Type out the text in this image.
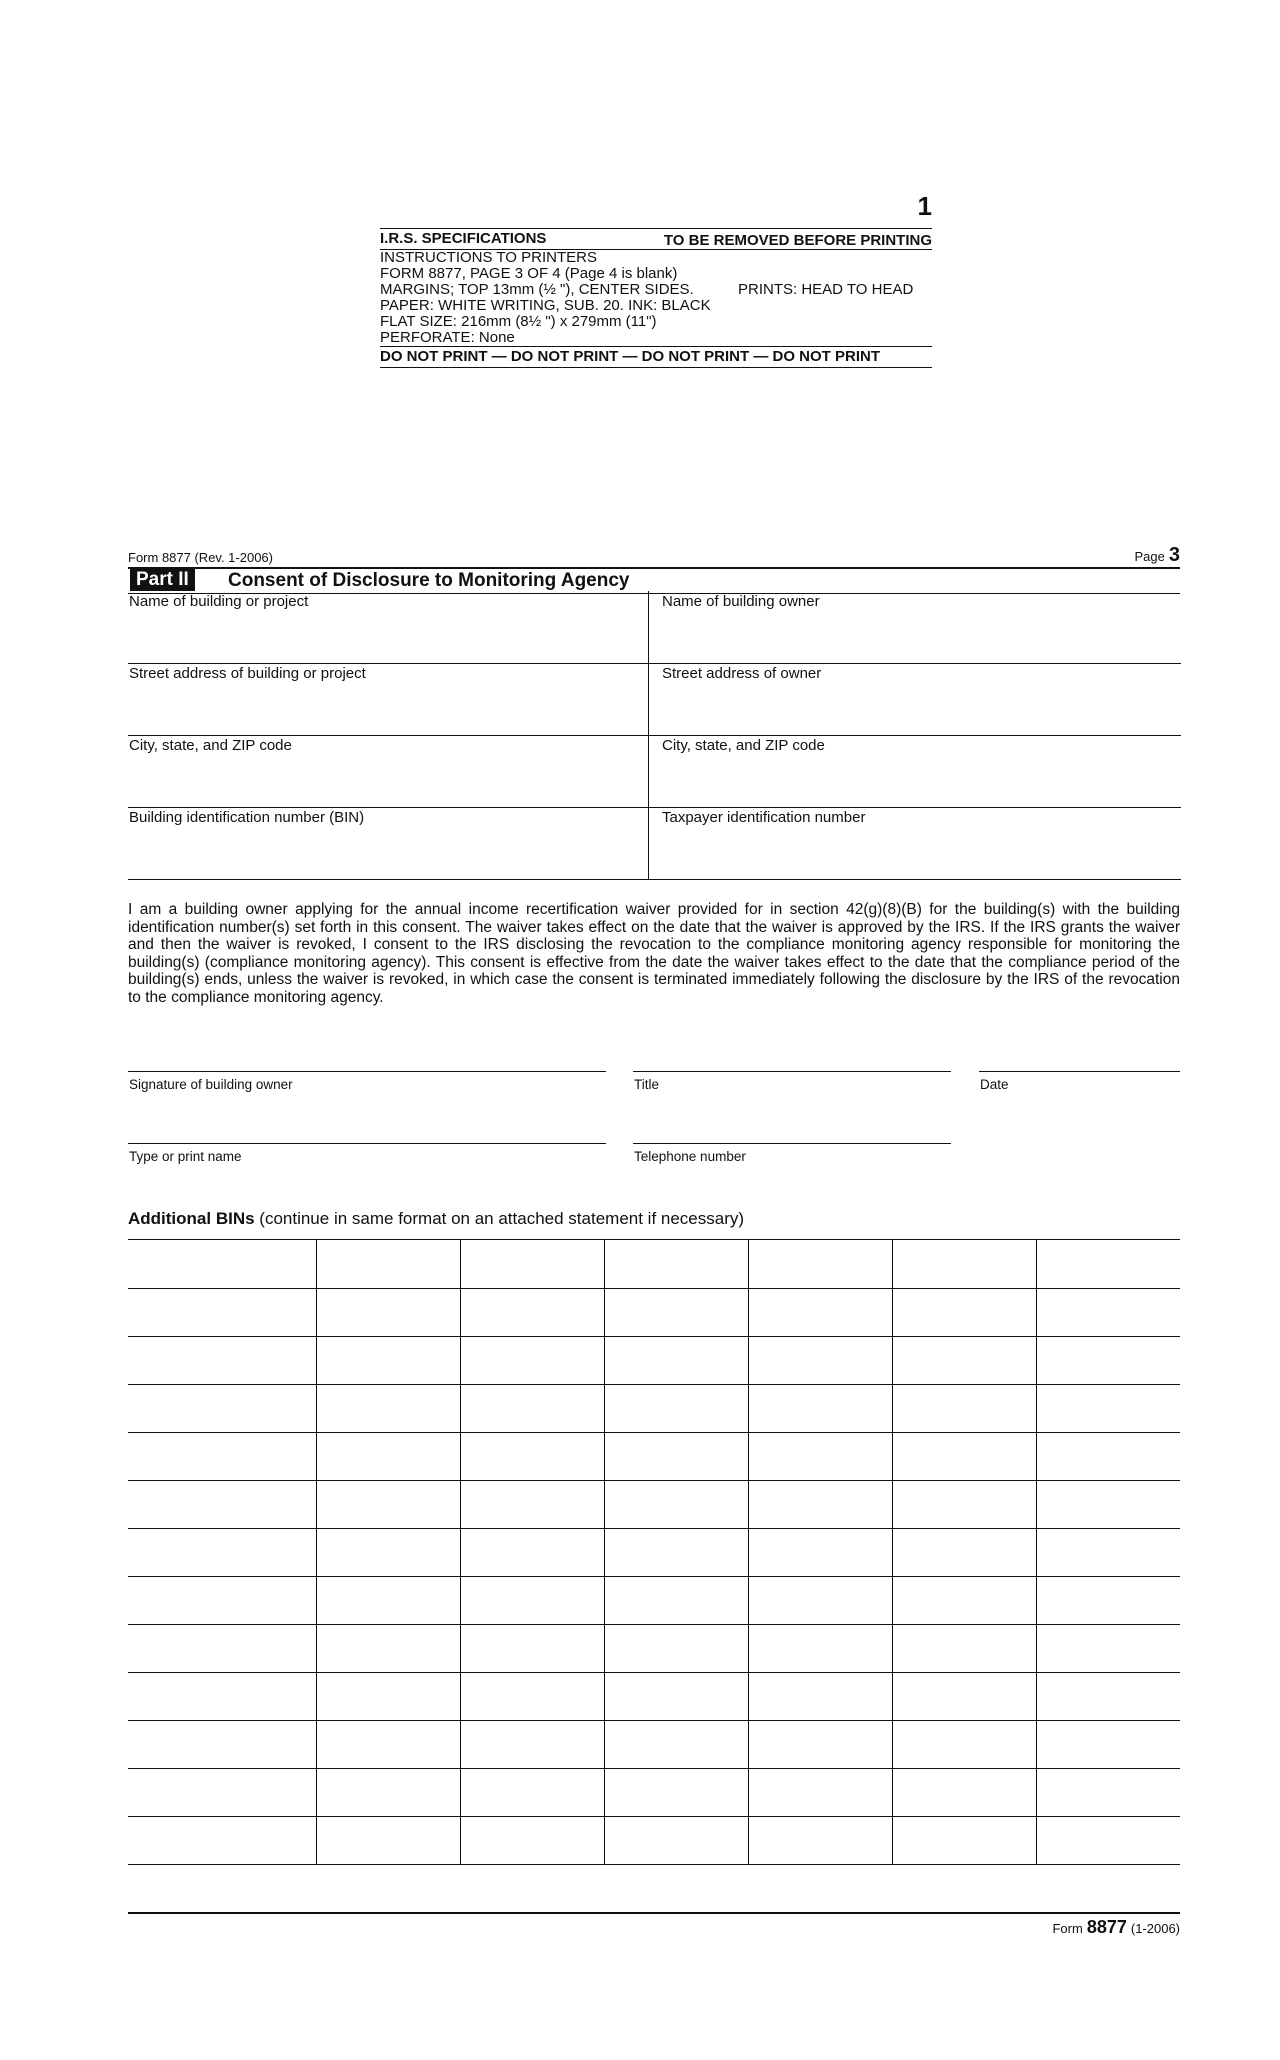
1
I.R.S. SPECIFICATIONS	TO BE REMOVED BEFORE PRINTING
INSTRUCTIONS TO PRINTERS
FORM 8877, PAGE 3 OF 4 (Page 4 is blank)
MARGINS; TOP 13mm (½ "), CENTER SIDES.	PRINTS: HEAD TO HEAD
PAPER: WHITE WRITING, SUB. 20. INK: BLACK
FLAT SIZE: 216mm (8½ ") x 279mm (11")
PERFORATE: None
DO NOT PRINT — DO NOT PRINT — DO NOT PRINT — DO NOT PRINT
Form 8877 (Rev. 1-2006)	Page 3
Part II	Consent of Disclosure to Monitoring Agency
Name of building or project	Name of building owner
Street address of building or project	Street address of owner
City, state, and ZIP code	City, state, and ZIP code
Building identification number (BIN)	Taxpayer identification number
I am a building owner applying for the annual income recertification waiver provided for in section 42(g)(8)(B) for the building(s) with the building identification number(s) set forth in this consent. The waiver takes effect on the date that the waiver is approved by the IRS. If the IRS grants the waiver and then the waiver is revoked, I consent to the IRS disclosing the revocation to the compliance monitoring agency responsible for monitoring the building(s) (compliance monitoring agency). This consent is effective from the date the waiver takes effect to the date that the compliance period of the building(s) ends, unless the waiver is revoked, in which case the consent is terminated immediately following the disclosure by the IRS of the revocation to the compliance monitoring agency.
Signature of building owner	Title	Date
Type or print name	Telephone number
Additional BINs (continue in same format on an attached statement if necessary)
Form 8877 (1-2006)
